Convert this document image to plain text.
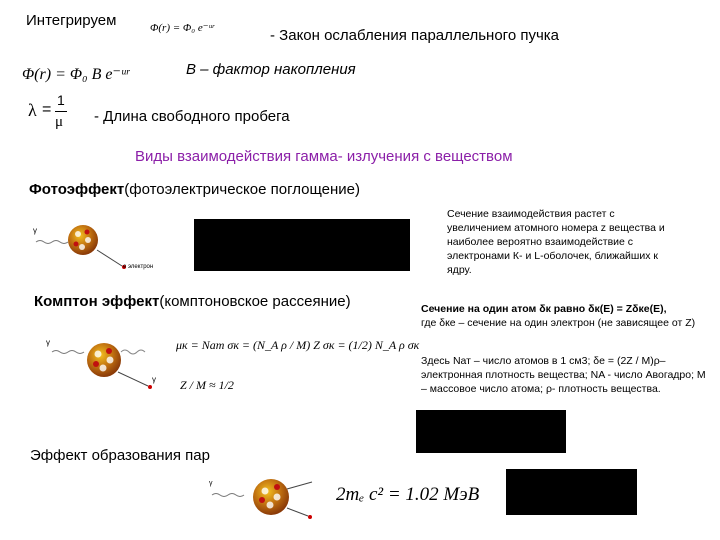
Интегрируем	Φ(r) = Φ₀ e⁻ᵘʳ	- Закон ослабления параллельного пучка
Φ(r) = Φ₀ B e⁻ᵘʳ	В – фактор накопления
λ =
1
μ - Длина свободного пробега
Виды взаимодействия гамма- излучения с веществом
Фотоэффект(фотоэлектрическое поглощение)
γ
е электрон
Сечение взаимодействия растет с увеличением атомного номера z вещества и наиболее вероятно взаимодействие с электронами К- и L-оболочек, ближайших к ядру.
Комптон эффект(комптоновское рассеяние)
γ
γ
μк = Nат σк = (N_A ρ / M) Z σк = (1/2) N_A ρ σк
Z / M ≈ 1/2
Сечение на один атом δк равно δк(Е) = Zδке(Е),
где δке – сечение на один электрон (не зависящее от Z)
Здесь Nат – число атомов в 1 см3; δе = (2Z / M)ρ– электронная плотность вещества; NA - число Авогадро; M – массовое число атома; ρ- плотность вещества.
Эффект образования пар
γ
2mₑ c² = 1.02 МэВ
